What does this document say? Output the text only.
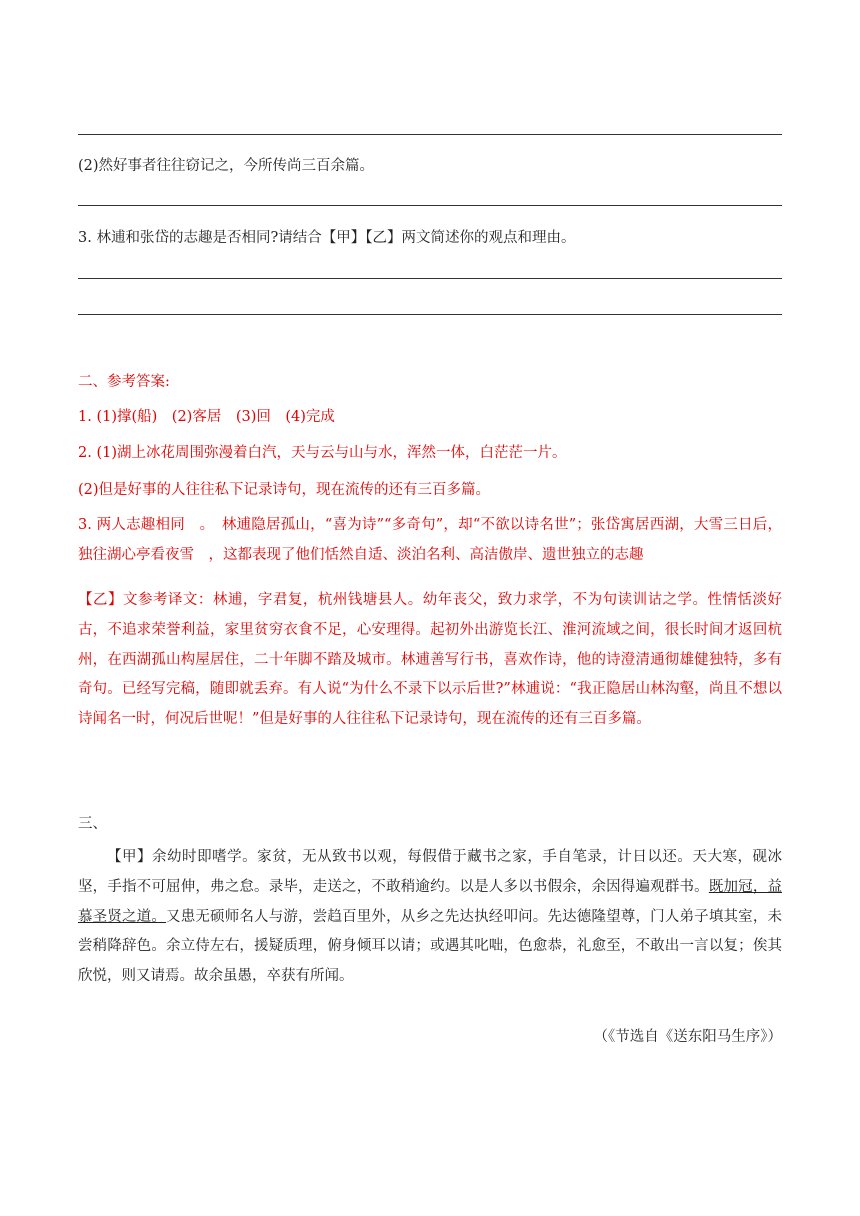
(2)然好事者往往窃记之，今所传尚三百余篇。
3. 林逋和张岱的志趣是否相同?请结合【甲】【乙】两文简述你的观点和理由。
二、参考答案:
1. (1)撑(船)　(2)客居　(3)回　(4)完成
2. (1)湖上冰花周围弥漫着白汽，天与云与山与水，浑然一体，白茫茫一片。
(2)但是好事的人往往私下记录诗句，现在流传的还有三百多篇。
3. 两人志趣相同　。　林逋隐居孤山，“喜为诗”“多奇句”，却“不欲以诗名世”；张岱寓居西湖，大雪三日后，独往湖心亭看夜雪　，这都表现了他们恬然自适、淡泊名利、高洁傲岸、遗世独立的志趣
【乙】文参考译文：林逋，字君复，杭州钱塘县人。幼年丧父，致力求学，不为句读训诂之学。性情恬淡好古，不追求荣誉利益，家里贫穷衣食不足，心安理得。起初外出游览长江、淮河流域之间，很长时间才返回杭州，在西湖孤山构屋居住，二十年脚不踏及城市。林逋善写行书，喜欢作诗，他的诗澄清通彻雄健独特，多有奇句。已经写完稿，随即就丢弃。有人说“为什么不录下以示后世?”林逋说：“我正隐居山林沟壑，尚且不想以诗闻名一时，何况后世呢！”但是好事的人往往私下记录诗句，现在流传的还有三百多篇。
三、
【甲】余幼时即嗜学。家贫，无从致书以观，每假借于藏书之家，手自笔录，计日以还。天大寒，砚冰坚，手指不可屈伸，弗之怠。录毕，走送之，不敢稍逾约。以是人多以书假余，余因得遍观群书。既加冠，益慕圣贤之道。又患无硕师名人与游，尝趋百里外，从乡之先达执经叩问。先达德隆望尊，门人弟子填其室，未尝稍降辞色。余立侍左右，援疑质理，俯身倾耳以请；或遇其叱咄，色愈恭，礼愈至，不敢出一言以复；俟其欣悦，则又请焉。故余虽愚，卒获有所闻。
（《节选自《送东阳马生序》）
